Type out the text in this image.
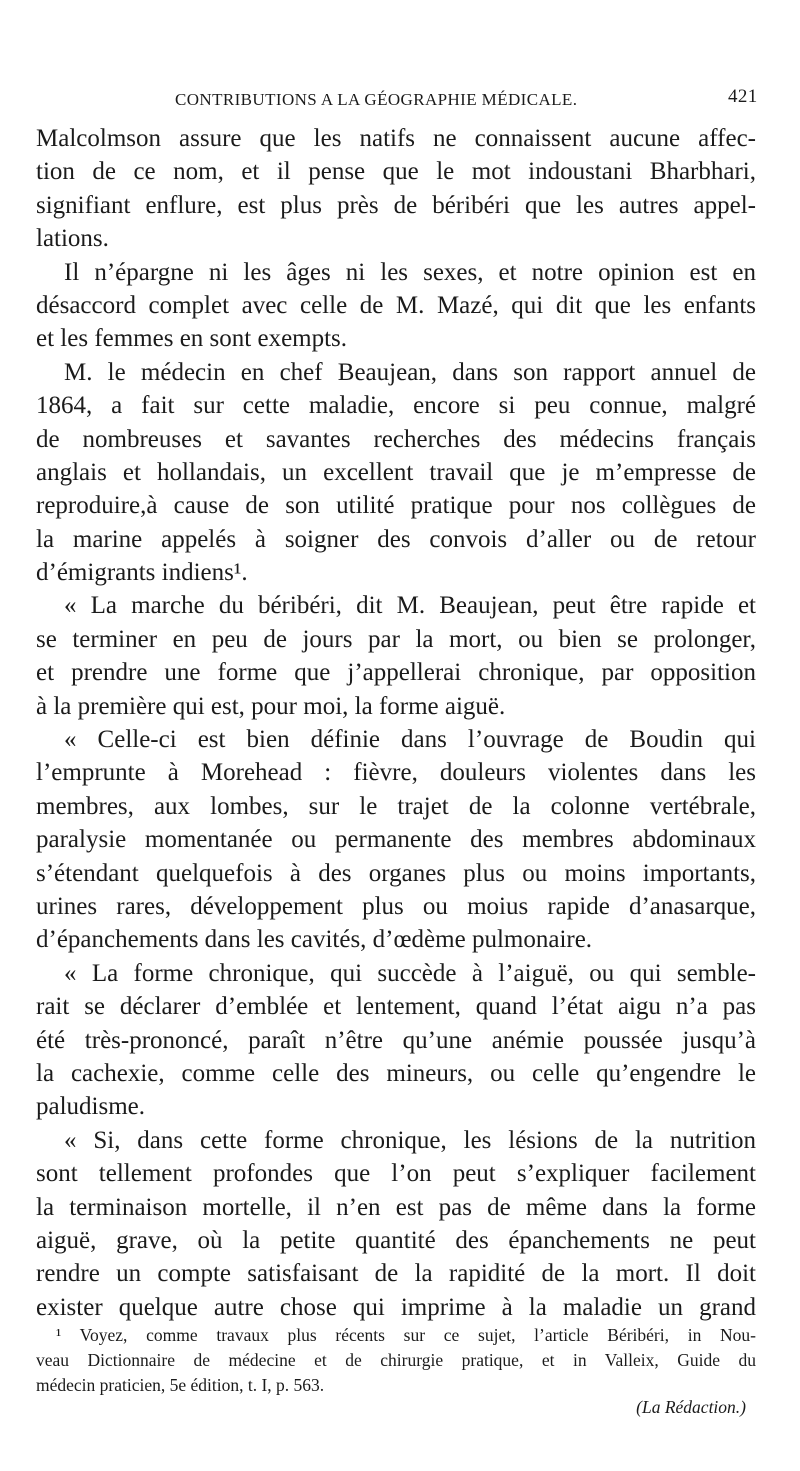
CONTRIBUTIONS A LA GÉOGRAPHIE MÉDICALE.	421
Malcolmson assure que les natifs ne connaissent aucune affec-
tion de ce nom, et il pense que le mot indoustani Bharbhari,
signifiant enflure, est plus près de béribéri que les autres appel-
lations.
Il n’épargne ni les âges ni les sexes, et notre opinion est en
désaccord complet avec celle de M. Mazé, qui dit que les enfants
et les femmes en sont exempts.
M. le médecin en chef Beaujean, dans son rapport annuel de
1864, a fait sur cette maladie, encore si peu connue, malgré
de nombreuses et savantes recherches des médecins français
anglais et hollandais, un excellent travail que je m’empresse de
reproduire,à cause de son utilité pratique pour nos collègues de
la marine appelés à soigner des convois d’aller ou de retour
d’émigrants indiens¹.
« La marche du béribéri, dit M. Beaujean, peut être rapide et
se terminer en peu de jours par la mort, ou bien se prolonger,
et prendre une forme que j’appellerai chronique, par opposition
à la première qui est, pour moi, la forme aiguë.
« Celle-ci est bien définie dans l’ouvrage de Boudin qui
l’emprunte à Morehead : fièvre, douleurs violentes dans les
membres, aux lombes, sur le trajet de la colonne vertébrale,
paralysie momentanée ou permanente des membres abdominaux
s’étendant quelquefois à des organes plus ou moins importants,
urines rares, développement plus ou moius rapide d’anasarque,
d’épanchements dans les cavités, d’œdème pulmonaire.
« La forme chronique, qui succède à l’aiguë, ou qui semble-
rait se déclarer d’emblée et lentement, quand l’état aigu n’a pas
été très-prononcé, paraît n’être qu’une anémie poussée jusqu’à
la cachexie, comme celle des mineurs, ou celle qu’engendre le
paludisme.
« Si, dans cette forme chronique, les lésions de la nutrition
sont tellement profondes que l’on peut s’expliquer facilement
la terminaison mortelle, il n’en est pas de même dans la forme
aiguë, grave, où la petite quantité des épanchements ne peut
rendre un compte satisfaisant de la rapidité de la mort. Il doit
exister quelque autre chose qui imprime à la maladie un grand
¹ Voyez, comme travaux plus récents sur ce sujet, l’article Béribéri, in Nou-
veau Dictionnaire de médecine et de chirurgie pratique, et in Valleix, Guide du
médecin praticien, 5e édition, t. I, p. 563.
(La Rédaction.)
